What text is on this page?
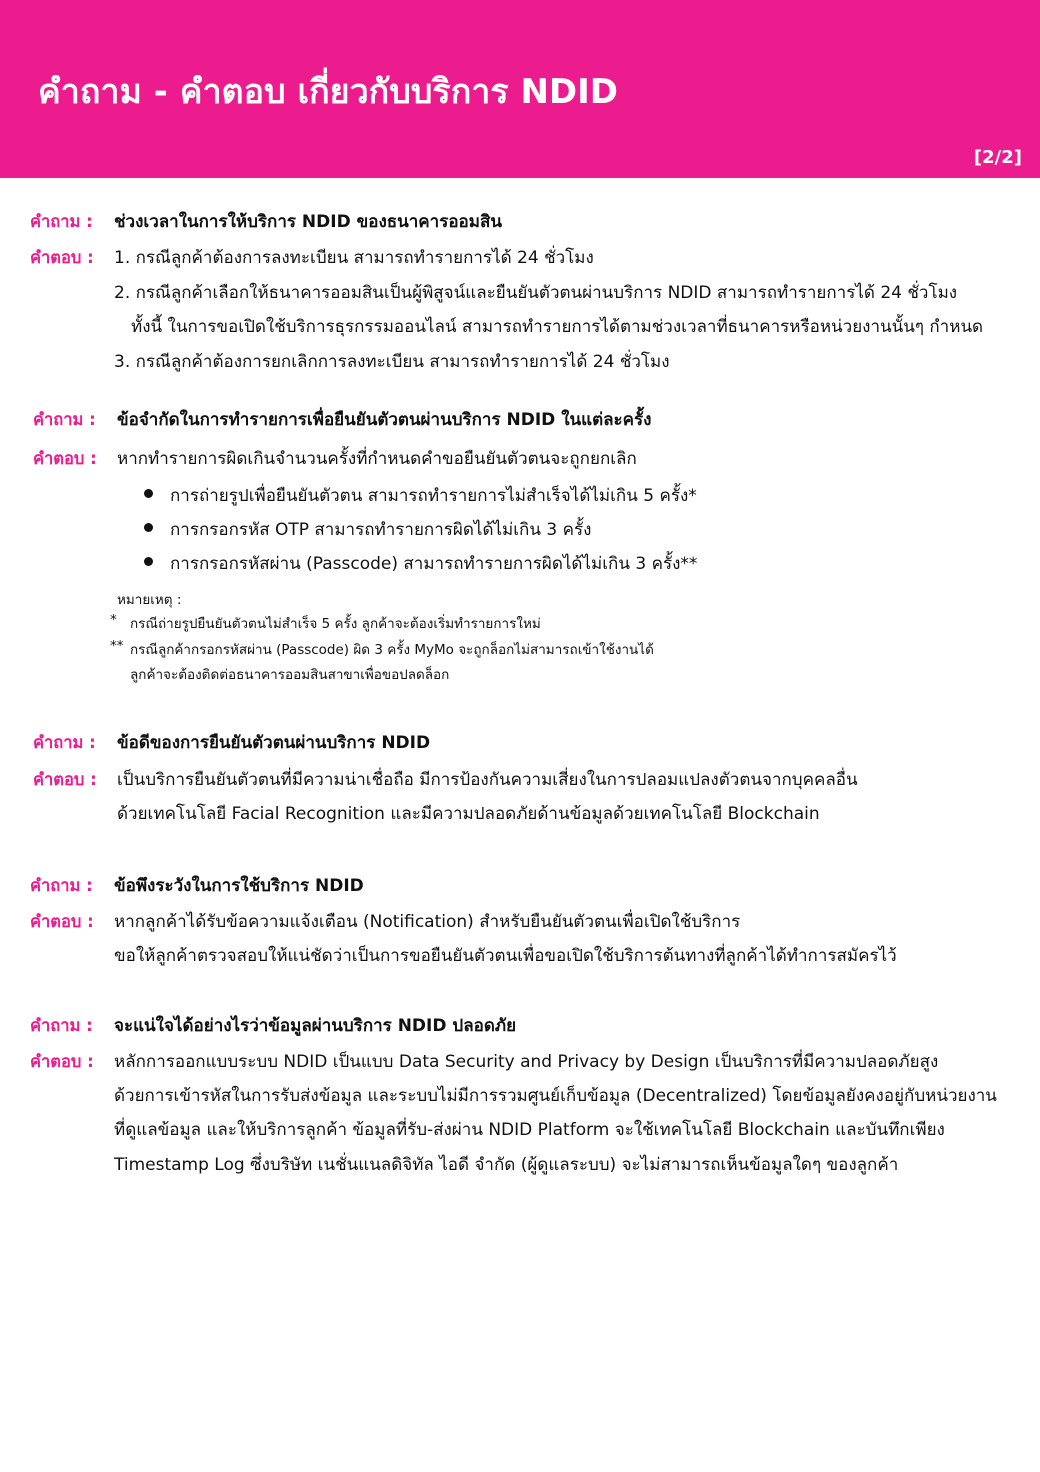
คำถาม - คำตอบ เกี่ยวกับบริการ NDID
[2/2]
คำถาม : ช่วงเวลาในการให้บริการ NDID ของธนาคารออมสิน
คำตอบ : 1. กรณีลูกค้าต้องการลงทะเบียน สามารถทำรายการได้ 24 ชั่วโมง
2. กรณีลูกค้าเลือกให้ธนาคารออมสินเป็นผู้พิสูจน์และยืนยันตัวตนผ่านบริการ NDID สามารถทำรายการได้ 24 ชั่วโมง
ทั้งนี้ ในการขอเปิดใช้บริการธุรกรรมออนไลน์ สามารถทำรายการได้ตามช่วงเวลาที่ธนาคารหรือหน่วยงานนั้นๆ กำหนด
3. กรณีลูกค้าต้องการยกเลิกการลงทะเบียน สามารถทำรายการได้ 24 ชั่วโมง
คำถาม : ข้อจำกัดในการทำรายการเพื่อยืนยันตัวตนผ่านบริการ NDID ในแต่ละครั้ง
คำตอบ : หากทำรายการผิดเกินจำนวนครั้งที่กำหนดคำขอยืนยันตัวตนจะถูกยกเลิก
การถ่ายรูปเพื่อยืนยันตัวตน สามารถทำรายการไม่สำเร็จได้ไม่เกิน 5 ครั้ง*
การกรอกรหัส OTP สามารถทำรายการผิดได้ไม่เกิน 3 ครั้ง
การกรอกรหัสผ่าน (Passcode) สามารถทำรายการผิดได้ไม่เกิน 3 ครั้ง**
หมายเหตุ :
* กรณีถ่ายรูปยืนยันตัวตนไม่สำเร็จ 5 ครั้ง ลูกค้าจะต้องเริ่มทำรายการใหม่
** กรณีลูกค้ากรอกรหัสผ่าน (Passcode) ผิด 3 ครั้ง MyMo จะถูกล็อกไม่สามารถเข้าใช้งานได้
ลูกค้าจะต้องติดต่อธนาคารออมสินสาขาเพื่อขอปลดล็อก
คำถาม : ข้อดีของการยืนยันตัวตนผ่านบริการ NDID
คำตอบ : เป็นบริการยืนยันตัวตนที่มีความน่าเชื่อถือ มีการป้องกันความเสี่ยงในการปลอมแปลงตัวตนจากบุคคลอื่น
ด้วยเทคโนโลยี Facial Recognition และมีความปลอดภัยด้านข้อมูลด้วยเทคโนโลยี Blockchain
คำถาม : ข้อพึงระวังในการใช้บริการ NDID
คำตอบ : หากลูกค้าได้รับข้อความแจ้งเตือน (Notification) สำหรับยืนยันตัวตนเพื่อเปิดใช้บริการ
ขอให้ลูกค้าตรวจสอบให้แน่ชัดว่าเป็นการขอยืนยันตัวตนเพื่อขอเปิดใช้บริการต้นทางที่ลูกค้าได้ทำการสมัครไว้
คำถาม : จะแน่ใจได้อย่างไรว่าข้อมูลผ่านบริการ NDID ปลอดภัย
คำตอบ : หลักการออกแบบระบบ NDID เป็นแบบ Data Security and Privacy by Design เป็นบริการที่มีความปลอดภัยสูง
ด้วยการเข้ารหัสในการรับส่งข้อมูล และระบบไม่มีการรวมศูนย์เก็บข้อมูล (Decentralized) โดยข้อมูลยังคงอยู่กับหน่วยงาน
ที่ดูแลข้อมูล และให้บริการลูกค้า ข้อมูลที่รับ-ส่งผ่าน NDID Platform จะใช้เทคโนโลยี Blockchain และบันทึกเพียง
Timestamp Log ซึ่งบริษัท เนชั่นแนลดิจิทัล ไอดี จำกัด (ผู้ดูแลระบบ) จะไม่สามารถเห็นข้อมูลใดๆ ของลูกค้า
